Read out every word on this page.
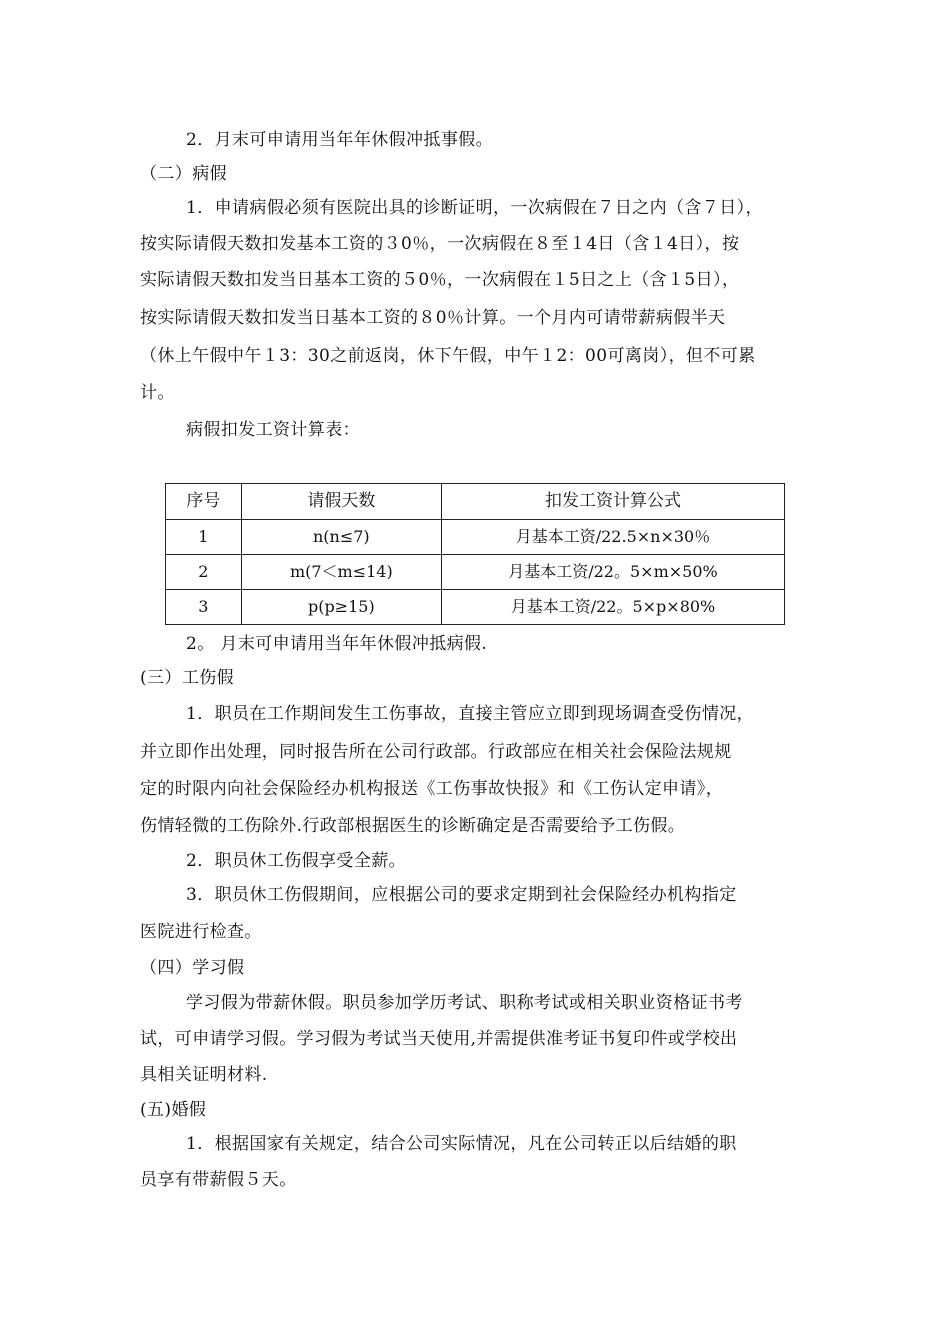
2．月末可申请用当年年休假冲抵事假。
（二）病假
1．申请病假必须有医院出具的诊断证明，一次病假在７日之内（含７日），
按实际请假天数扣发基本工资的３0％，一次病假在８至１4日（含１4日），按
实际请假天数扣发当日基本工资的５0％，一次病假在１5日之上（含１5日），
按实际请假天数扣发当日基本工资的８0％计算。一个月内可请带薪病假半天
（休上午假中午１3：30之前返岗，休下午假，中午１2：00可离岗），但不可累
计。
病假扣发工资计算表：
序号	请假天数	扣发工资计算公式
1	n(n≤7)	月基本工资/22.5×n×30％
2	m(7＜m≤14)	月基本工资/22。5×m×50%
3	p(p≥15)	月基本工资/22。5×p×80%
2。 月末可申请用当年年休假冲抵病假.
(三）工伤假
1．职员在工作期间发生工伤事故，直接主管应立即到现场调查受伤情况，
并立即作出处理，同时报告所在公司行政部。行政部应在相关社会保险法规规
定的时限内向社会保险经办机构报送《工伤事故快报》和《工伤认定申请》，
伤情轻微的工伤除外.行政部根据医生的诊断确定是否需要给予工伤假。
2．职员休工伤假享受全薪。
3．职员休工伤假期间，应根据公司的要求定期到社会保险经办机构指定
医院进行检查。
（四）学习假
学习假为带薪休假。职员参加学历考试、职称考试或相关职业资格证书考
试，可申请学习假。学习假为考试当天使用,并需提供准考证书复印件或学校出
具相关证明材料.
(五)婚假
1．根据国家有关规定，结合公司实际情况，凡在公司转正以后结婚的职
员享有带薪假５天。
